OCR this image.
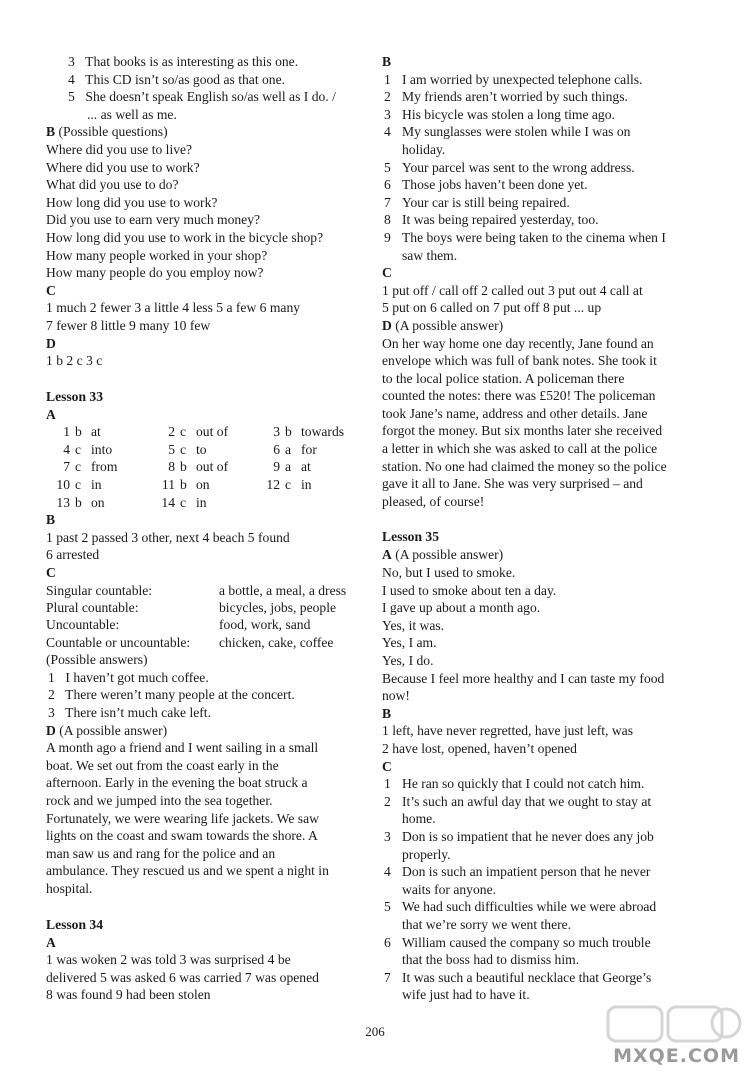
3 That books is as interesting as this one.
4 This CD isn’t so/as good as that one.
5 She doesn’t speak English so/as well as I do. /
... as well as me.
B (Possible questions)
Where did you use to live?
Where did you use to work?
What did you use to do?
How long did you use to work?
Did you use to earn very much money?
How long did you use to work in the bicycle shop?
How many people worked in your shop?
How many people do you employ now?
C
1 much 2 fewer 3 a little 4 less 5 a few 6 many
7 fewer 8 little 9 many 10 few
D
1 b 2 c 3 c
Lesson 33
A
1	b	at	2	c	out of	3	b	towards
4	c	into	5	c	to	6	a	for
7	c	from	8	b	out of	9	a	at
10	c	in	11	b	on	12	c	in
13	b	on	14	c	in			
B
1 past 2 passed 3 other, next 4 beach 5 found
6 arrested
C
Singular countable:	a bottle, a meal, a dress
Plural countable:	bicycles, jobs, people
Uncountable:	food, work, sand
Countable or uncountable:	chicken, cake, coffee
(Possible answers)
1 I haven’t got much coffee.
2 There weren’t many people at the concert.
3 There isn’t much cake left.
D (A possible answer)
A month ago a friend and I went sailing in a small
boat. We set out from the coast early in the
afternoon. Early in the evening the boat struck a
rock and we jumped into the sea together.
Fortunately, we were wearing life jackets. We saw
lights on the coast and swam towards the shore. A
man saw us and rang for the police and an
ambulance. They rescued us and we spent a night in
hospital.
Lesson 34
A
1 was woken 2 was told 3 was surprised 4 be
delivered 5 was asked 6 was carried 7 was opened
8 was found 9 had been stolen
B
1 I am worried by unexpected telephone calls.
2 My friends aren’t worried by such things.
3 His bicycle was stolen a long time ago.
4 My sunglasses were stolen while I was on
holiday.
5 Your parcel was sent to the wrong address.
6 Those jobs haven’t been done yet.
7 Your car is still being repaired.
8 It was being repaired yesterday, too.
9 The boys were being taken to the cinema when I
saw them.
C
1 put off / call off 2 called out 3 put out 4 call at
5 put on 6 called on 7 put off 8 put ... up
D (A possible answer)
On her way home one day recently, Jane found an
envelope which was full of bank notes. She took it
to the local police station. A policeman there
counted the notes: there was £520! The policeman
took Jane’s name, address and other details. Jane
forgot the money. But six months later she received
a letter in which she was asked to call at the police
station. No one had claimed the money so the police
gave it all to Jane. She was very surprised – and
pleased, of course!
Lesson 35
A (A possible answer)
No, but I used to smoke.
I used to smoke about ten a day.
I gave up about a month ago.
Yes, it was.
Yes, I am.
Yes, I do.
Because I feel more healthy and I can taste my food
now!
B
1 left, have never regretted, have just left, was
2 have lost, opened, haven’t opened
C
1 He ran so quickly that I could not catch him.
2 It’s such an awful day that we ought to stay at
home.
3 Don is so impatient that he never does any job
properly.
4 Don is such an impatient person that he never
waits for anyone.
5 We had such difficulties while we were abroad
that we’re sorry we went there.
6 William caused the company so much trouble
that the boss had to dismiss him.
7 It was such a beautiful necklace that George’s
wife just had to have it.
206
MXQE.COM
